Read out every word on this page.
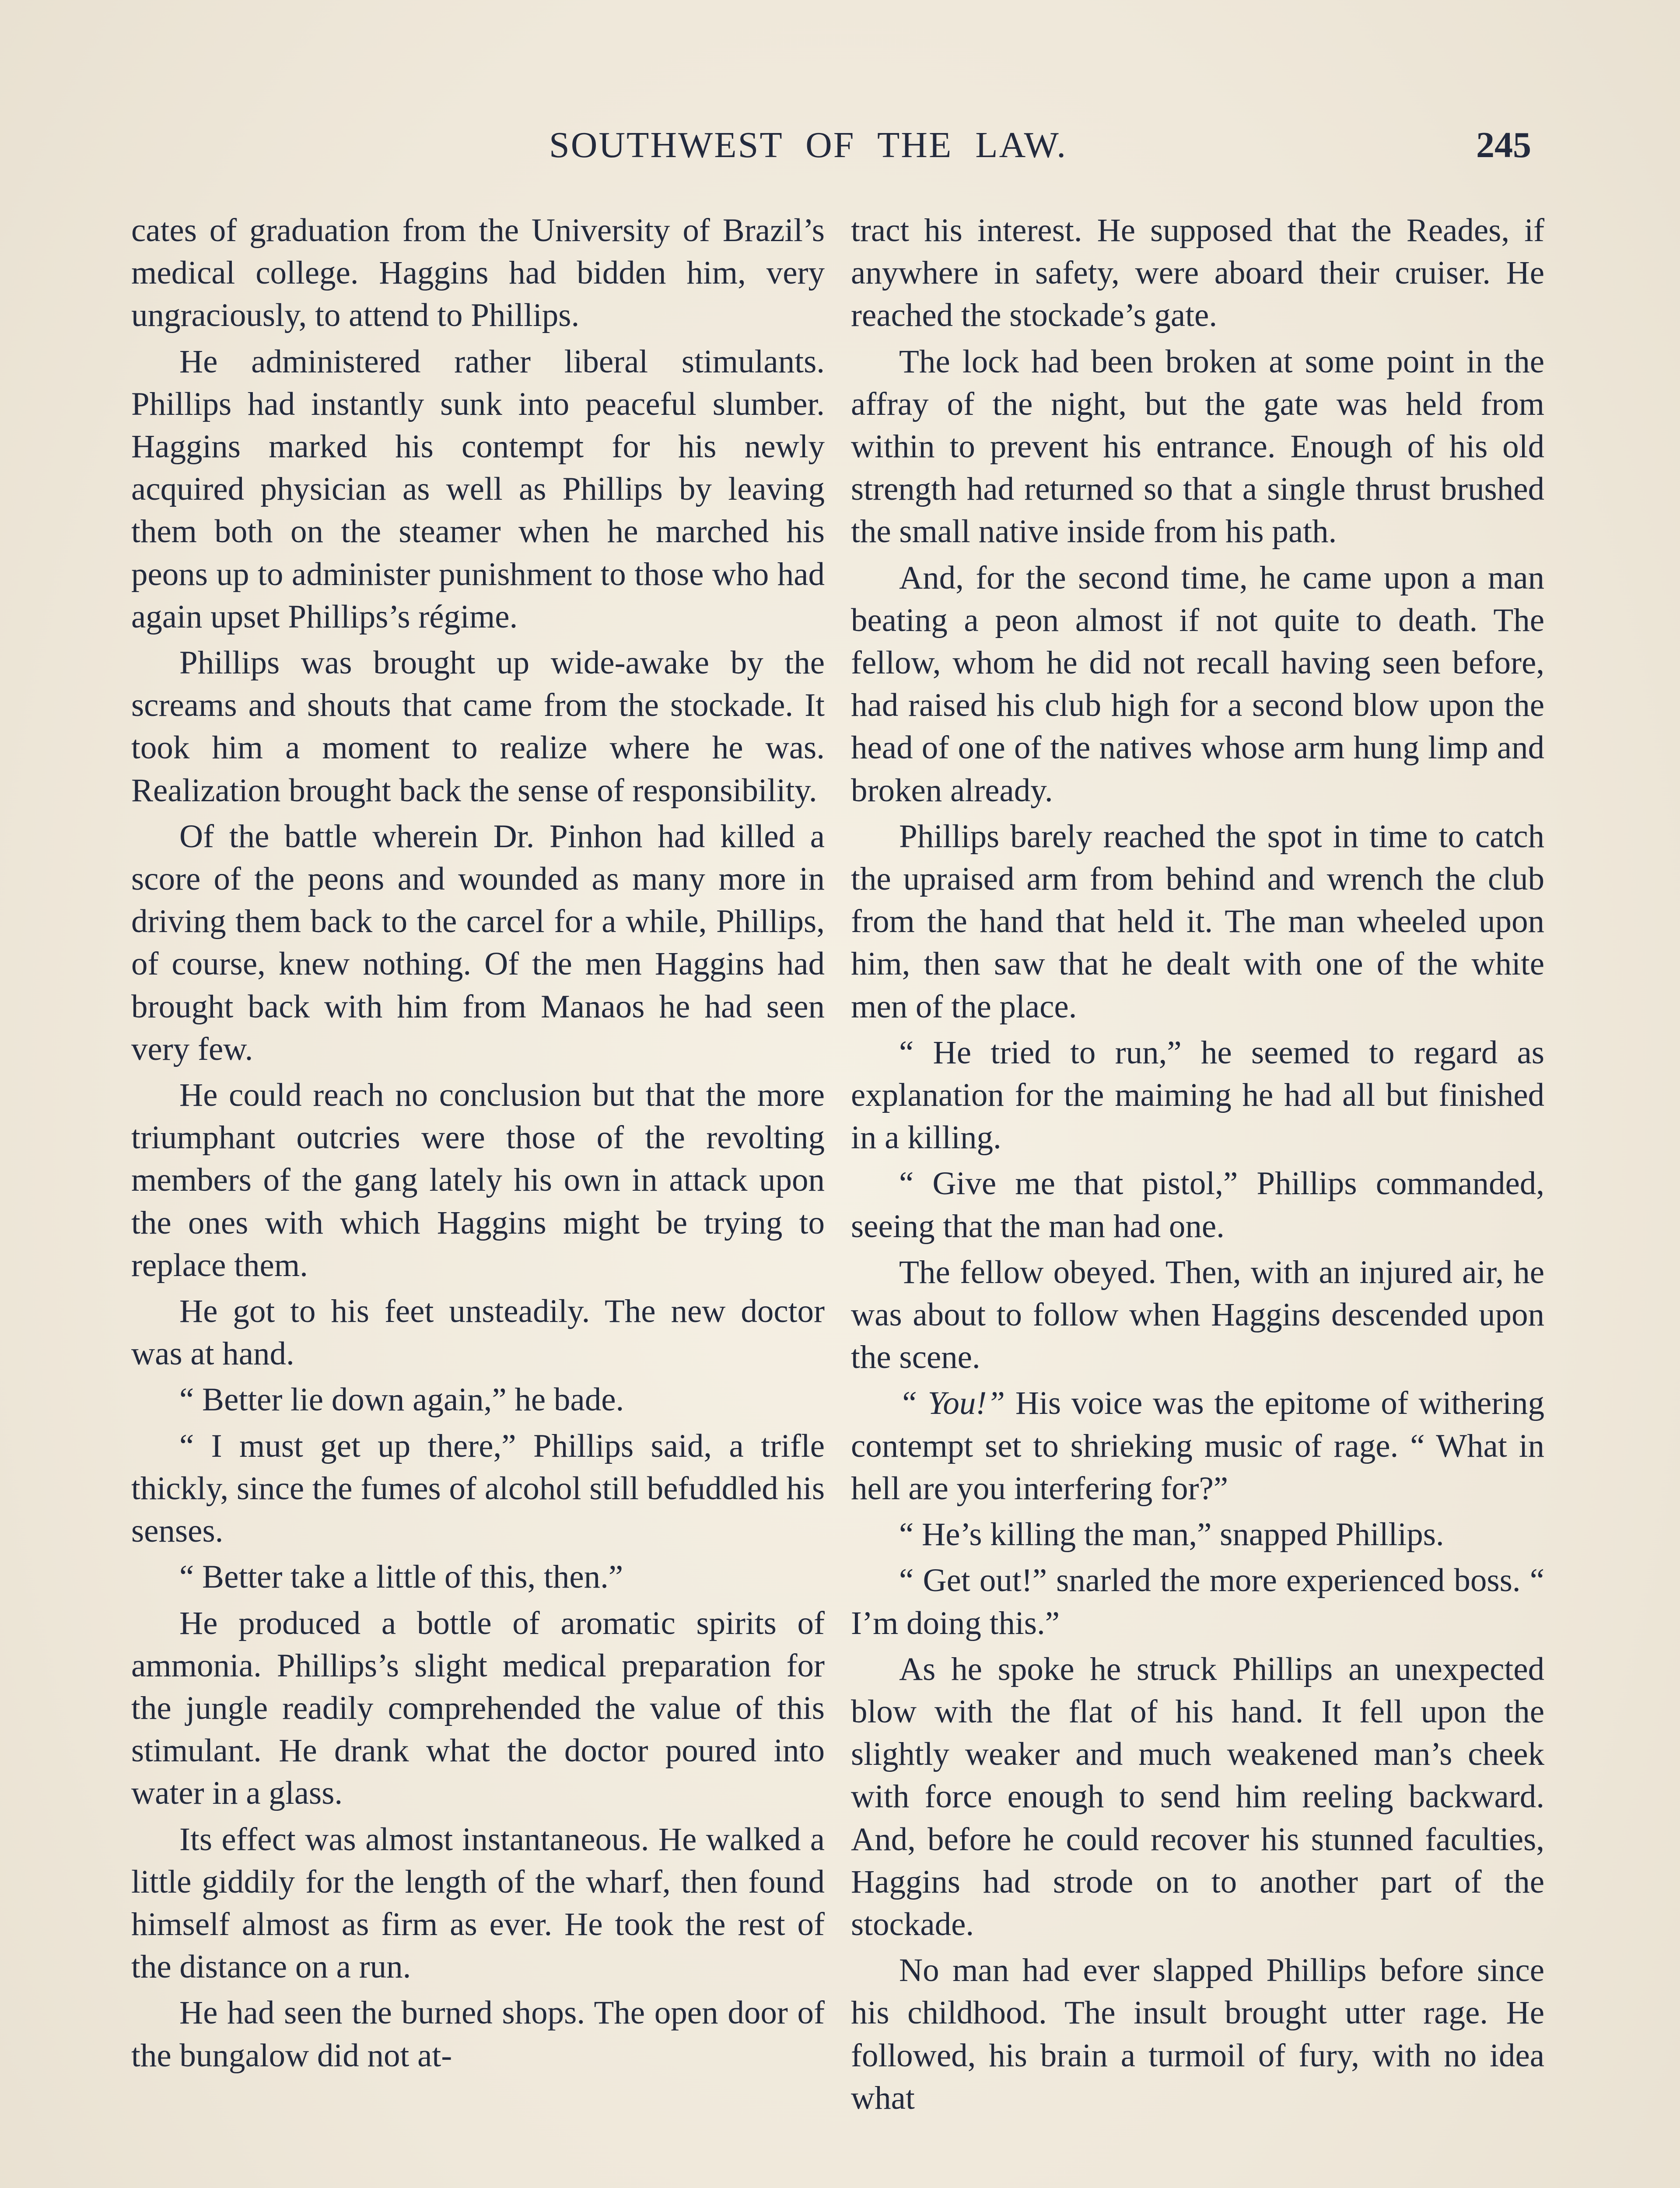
SOUTHWEST OF THE LAW.	245

cates of graduation from the University of Brazil’s medical college. Haggins had bidden him, very ungraciously, to attend to Phillips.

He administered rather liberal stimulants. Phillips had instantly sunk into peaceful slumber. Haggins marked his contempt for his newly acquired physician as well as Phillips by leaving them both on the steamer when he marched his peons up to administer punishment to those who had again upset Phillips’s régime.

Phillips was brought up wide-awake by the screams and shouts that came from the stockade. It took him a moment to realize where he was. Realization brought back the sense of responsibility.

Of the battle wherein Dr. Pinhon had killed a score of the peons and wounded as many more in driving them back to the carcel for a while, Phillips, of course, knew nothing. Of the men Haggins had brought back with him from Manaos he had seen very few.

He could reach no conclusion but that the more triumphant outcries were those of the revolting members of the gang lately his own in attack upon the ones with which Haggins might be trying to replace them.

He got to his feet unsteadily. The new doctor was at hand.

“ Better lie down again,” he bade.

“ I must get up there,” Phillips said, a trifle thickly, since the fumes of alcohol still befuddled his senses.

“ Better take a little of this, then.”

He produced a bottle of aromatic spirits of ammonia. Phillips’s slight medical preparation for the jungle readily comprehended the value of this stimulant. He drank what the doctor poured into water in a glass.

Its effect was almost instantaneous. He walked a little giddily for the length of the wharf, then found himself almost as firm as ever. He took the rest of the distance on a run.

He had seen the burned shops. The open door of the bungalow did not at-

tract his interest. He supposed that the Reades, if anywhere in safety, were aboard their cruiser. He reached the stockade’s gate.

The lock had been broken at some point in the affray of the night, but the gate was held from within to prevent his entrance. Enough of his old strength had returned so that a single thrust brushed the small native inside from his path.

And, for the second time, he came upon a man beating a peon almost if not quite to death. The fellow, whom he did not recall having seen before, had raised his club high for a second blow upon the head of one of the natives whose arm hung limp and broken already.

Phillips barely reached the spot in time to catch the upraised arm from behind and wrench the club from the hand that held it. The man wheeled upon him, then saw that he dealt with one of the white men of the place.

“ He tried to run,” he seemed to regard as explanation for the maiming he had all but finished in a killing.

“ Give me that pistol,” Phillips commanded, seeing that the man had one.

The fellow obeyed. Then, with an injured air, he was about to follow when Haggins descended upon the scene.

“ You!” His voice was the epitome of withering contempt set to shrieking music of rage. “ What in hell are you interfering for?”

“ He’s killing the man,” snapped Phillips.

“ Get out!” snarled the more experienced boss. “ I’m doing this.”

As he spoke he struck Phillips an unexpected blow with the flat of his hand. It fell upon the slightly weaker and much weakened man’s cheek with force enough to send him reeling backward. And, before he could recover his stunned faculties, Haggins had strode on to another part of the stockade.

No man had ever slapped Phillips before since his childhood. The insult brought utter rage. He followed, his brain a turmoil of fury, with no idea what
